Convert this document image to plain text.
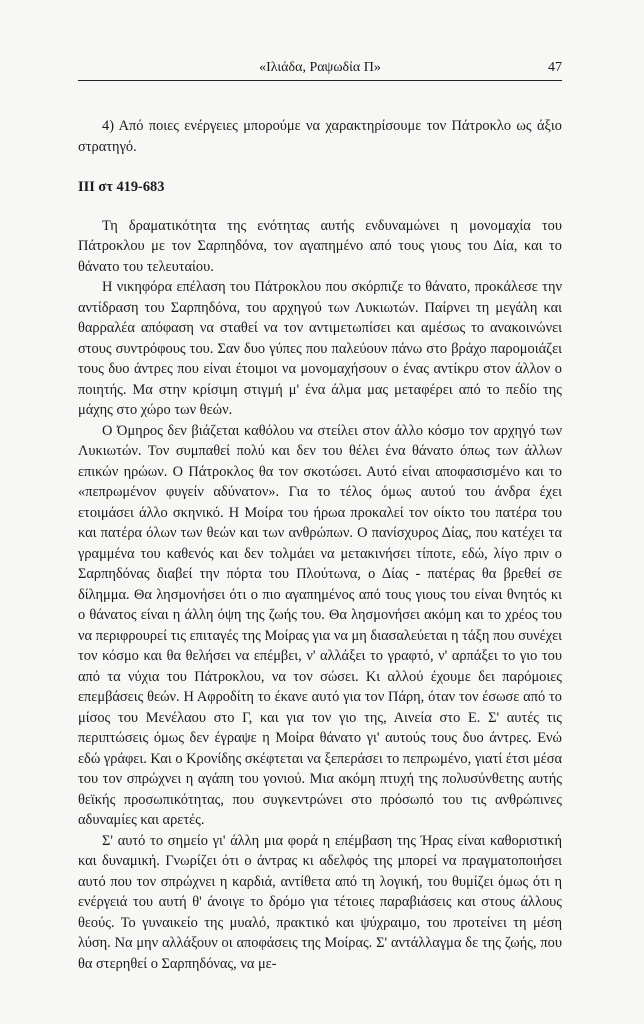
«Ιλιάδα, Ραψωδία Π»	47

4) Από ποιες ενέργειες μπορούμε να χαρακτηρίσουμε τον Πάτροκλο ως άξιο στρατηγό.

ΙΙΙ στ 419-683

Τη δραματικότητα της ενότητας αυτής ενδυναμώνει η μονομαχία του Πάτροκλου με τον Σαρπηδόνα, τον αγαπημένο από τους γιους του Δία, και το θάνατο του τελευταίου.

Η νικηφόρα επέλαση του Πάτροκλου που σκόρπιζε το θάνατο, προκάλεσε την αντίδραση του Σαρπηδόνα, του αρχηγού των Λυκιωτών. Παίρνει τη μεγάλη και θαρραλέα απόφαση να σταθεί να τον αντιμετωπίσει και αμέσως το ανακοινώνει στους συντρόφους του. Σαν δυο γύπες που παλεύουν πάνω στο βράχο παρομοιάζει τους δυο άντρες που είναι έτοιμοι να μονομαχήσουν ο ένας αντίκρυ στον άλλον ο ποιητής. Μα στην κρίσιμη στιγμή μ' ένα άλμα μας μεταφέρει από το πεδίο της μάχης στο χώρο των θεών.

Ο Όμηρος δεν βιάζεται καθόλου να στείλει στον άλλο κόσμο τον αρχηγό των Λυκιωτών. Τον συμπαθεί πολύ και δεν του θέλει ένα θάνατο όπως των άλλων επικών ηρώων. Ο Πάτροκλος θα τον σκοτώσει. Αυτό είναι αποφασισμένο και το «πεπρωμένον φυγείν αδύνατον». Για το τέλος όμως αυτού του άνδρα έχει ετοιμάσει άλλο σκηνικό. Η Μοίρα του ήρωα προκαλεί τον οίκτο του πατέρα του και πατέρα όλων των θεών και των ανθρώπων. Ο πανίσχυρος Δίας, που κατέχει τα γραμμένα του καθενός και δεν τολμάει να μετακινήσει τίποτε, εδώ, λίγο πριν ο Σαρπηδόνας διαβεί την πόρτα του Πλούτωνα, ο Δίας - πατέρας θα βρεθεί σε δίλημμα. Θα λησμονήσει ότι ο πιο αγαπημένος από τους γιους του είναι θνητός κι ο θάνατος είναι η άλλη όψη της ζωής του. Θα λησμονήσει ακόμη και το χρέος του να περιφρουρεί τις επιταγές της Μοίρας για να μη διασαλεύεται η τάξη που συνέχει τον κόσμο και θα θελήσει να επέμβει, ν' αλλάξει το γραφτό, ν' αρπάξει το γιο του από τα νύχια του Πάτροκλου, να τον σώσει. Κι αλλού έχουμε δει παρόμοιες επεμβάσεις θεών. Η Αφροδίτη το έκανε αυτό για τον Πάρη, όταν τον έσωσε από το μίσος του Μενέλαου στο Γ, και για τον γιο της, Αινεία στο Ε. Σ' αυτές τις περιπτώσεις όμως δεν έγραψε η Μοίρα θάνατο γι' αυτούς τους δυο άντρες. Ενώ εδώ γράφει. Και ο Κρονίδης σκέφτεται να ξεπεράσει το πεπρωμένο, γιατί έτσι μέσα του τον σπρώχνει η αγάπη του γονιού. Μια ακόμη πτυχή της πολυσύνθετης αυτής θεϊκής προσωπικότητας, που συγκεντρώνει στο πρόσωπό του τις ανθρώπινες αδυναμίες και αρετές.

Σ' αυτό το σημείο γι' άλλη μια φορά η επέμβαση της Ήρας είναι καθοριστική και δυναμική. Γνωρίζει ότι ο άντρας κι αδελφός της μπορεί να πραγματοποιήσει αυτό που τον σπρώχνει η καρδιά, αντίθετα από τη λογική, του θυμίζει όμως ότι η ενέργειά του αυτή θ' άνοιγε το δρόμο για τέτοιες παραβιάσεις και στους άλλους θεούς. Το γυναικείο της μυαλό, πρακτικό και ψύχραιμο, του προτείνει τη μέση λύση. Να μην αλλάξουν οι αποφάσεις της Μοίρας. Σ' αντάλλαγμα δε της ζωής, που θα στερηθεί ο Σαρπηδόνας, να με-
